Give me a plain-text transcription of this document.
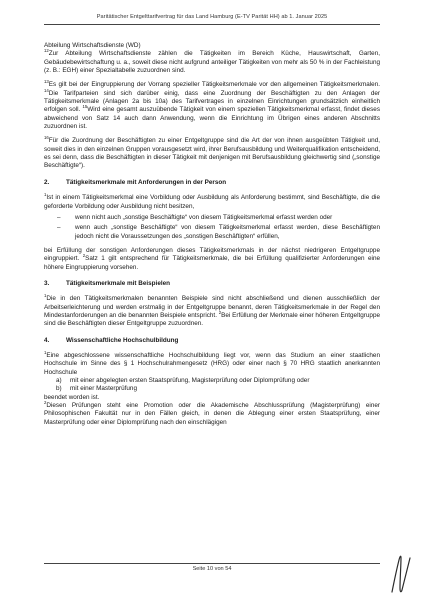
Paritätischer Entgelttarifvertrag für das Land Hamburg (E-TV Parität HH) ab 1. Januar 2025
Abteilung Wirtschaftsdienste (WD)

$^{12}$Zur Abteilung Wirtschaftsdienste zählen die Tätigkeiten im Bereich Küche, Hauswirtschaft, Garten, Gebäudebewirtschaftung u. a., soweit diese nicht aufgrund anteiliger Tätigkeiten von mehr als 50 % in der Fachleistung (z. B.: EGH) einer Spezialtabelle zuzuordnen sind.

$^{13}$Es gilt bei der Eingruppierung der Vorrang spezieller Tätigkeitsmerkmale vor den allgemeinen Tätigkeitsmerkmalen. $^{14}$Die Tarifparteien sind sich darüber einig, dass eine Zuordnung der Beschäftigten zu den Anlagen der Tätigkeitsmerkmale (Anlagen 2a bis 10a) des Tarifvertrages in einzelnen Einrichtungen grundsätzlich einheitlich erfolgen soll. $^{15}$Wird eine gesamt auszuübende Tätigkeit von einem speziellen Tätigkeitsmerkmal erfasst, findet dieses abweichend von Satz 14 auch dann Anwendung, wenn die Einrichtung im Übrigen eines anderen Abschnitts zuzuordnen ist.

$^{16}$Für die Zuordnung der Beschäftigten zu einer Entgeltgruppe sind die Art der von ihnen ausgeübten Tätigkeit und, soweit dies in den einzelnen Gruppen vorausgesetzt wird, ihrer Berufsausbildung und Weiterqualifikation entscheidend, es sei denn, dass die Beschäftigten in dieser Tätigkeit mit denjenigen mit Berufsausbildung gleichwertig sind („sonstige Beschäftigte“).

2.	Tätigkeitsmerkmale mit Anforderungen in der Person

$^1$Ist in einem Tätigkeitsmerkmal eine Vorbildung oder Ausbildung als Anforderung bestimmt, sind Beschäftigte, die die geforderte Vorbildung oder Ausbildung nicht besitzen,

– wenn nicht auch „sonstige Beschäftigte“ von diesem Tätigkeitsmerkmal erfasst werden oder
– wenn auch „sonstige Beschäftigte“ von diesem Tätigkeitsmerkmal erfasst werden, diese Beschäftigten jedoch nicht die Voraussetzungen des „sonstigen Beschäftigten“ erfüllen,

bei Erfüllung der sonstigen Anforderungen dieses Tätigkeitsmerkmals in der nächst niedrigeren Entgeltgruppe eingruppiert. $^2$Satz 1 gilt entsprechend für Tätigkeitsmerkmale, die bei Erfüllung qualifizierter Anforderungen eine höhere Eingruppierung vorsehen.

3.	Tätigkeitsmerkmale mit Beispielen

$^1$Die in den Tätigkeitsmerkmalen benannten Beispiele sind nicht abschließend und dienen ausschließlich der Arbeitserleichterung und werden erstmalig in der Entgeltgruppe benannt, deren Tätigkeitsmerkmale in der Regel den Mindestanforderungen an die benannten Beispiele entspricht. $^2$Bei Erfüllung der Merkmale einer höheren Entgeltgruppe sind die Beschäftigten dieser Entgeltgruppe zuzuordnen.

4.	Wissenschaftliche Hochschulbildung

$^1$Eine abgeschlossene wissenschaftliche Hochschulbildung liegt vor, wenn das Studium an einer staatlichen Hochschule im Sinne des § 1 Hochschulrahmengesetz (HRG) oder einer nach § 70 HRG staatlich anerkannten Hochschule

a) mit einer abgelegten ersten Staatsprüfung, Magisterprüfung oder Diplomprüfung oder
b) mit einer Masterprüfung
beendet worden ist.

$^2$Diesen Prüfungen steht eine Promotion oder die Akademische Abschlussprüfung (Magisterprüfung) einer Philosophischen Fakultät nur in den Fällen gleich, in denen die Ablegung einer ersten Staatsprüfung, einer Masterprüfung oder einer Diplomprüfung nach den einschlägigen

Seite 10 von 54
